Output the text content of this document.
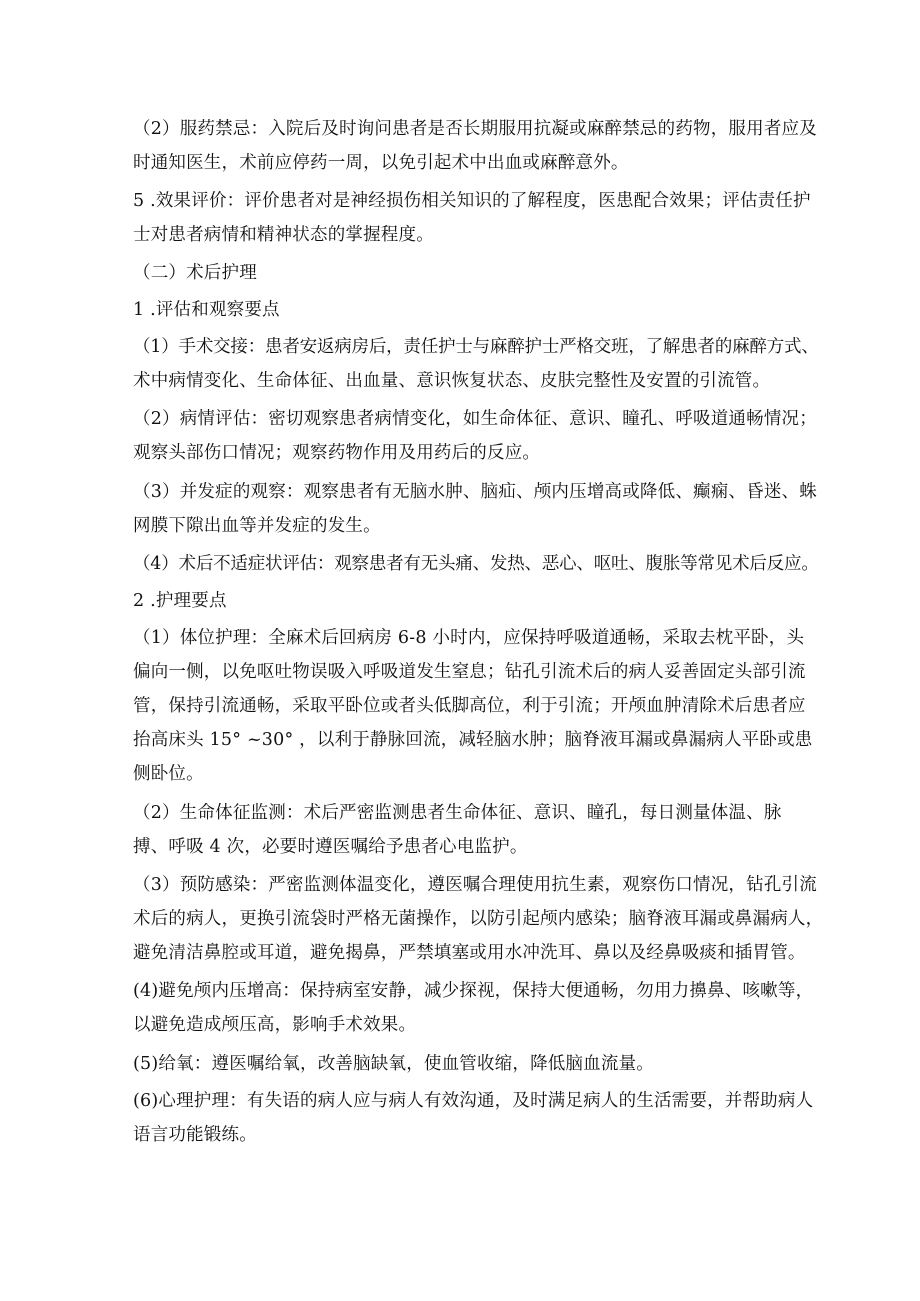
（2）服药禁忌：入院后及时询问患者是否长期服用抗凝或麻醉禁忌的药物，服用者应及
时通知医生，术前应停药一周，以免引起术中出血或麻醉意外。
5 .效果评价：评价患者对是神经损伤相关知识的了解程度，医患配合效果；评估责任护
士对患者病情和精神状态的掌握程度。
（二）术后护理
1 .评估和观察要点
（1）手术交接：患者安返病房后，责任护士与麻醉护士严格交班，了解患者的麻醉方式、
术中病情变化、生命体征、出血量、意识恢复状态、皮肤完整性及安置的引流管。
（2）病情评估：密切观察患者病情变化，如生命体征、意识、瞳孔、呼吸道通畅情况；
观察头部伤口情况；观察药物作用及用药后的反应。
（3）并发症的观察：观察患者有无脑水肿、脑疝、颅内压增高或降低、癫痫、昏迷、蛛
网膜下隙出血等并发症的发生。
（4）术后不适症状评估：观察患者有无头痛、发热、恶心、呕吐、腹胀等常见术后反应。
2 .护理要点
（1）体位护理：全麻术后回病房 6-8 小时内，应保持呼吸道通畅，采取去枕平卧，头
偏向一侧，以免呕吐物误吸入呼吸道发生窒息；钻孔引流术后的病人妥善固定头部引流
管，保持引流通畅，采取平卧位或者头低脚高位，利于引流；开颅血肿清除术后患者应
抬高床头 15° ~30° ，以利于静脉回流，减轻脑水肿；脑脊液耳漏或鼻漏病人平卧或患
侧卧位。
（2）生命体征监测：术后严密监测患者生命体征、意识、瞳孔，每日测量体温、脉
搏、呼吸 4 次，必要时遵医嘱给予患者心电监护。
（3）预防感染：严密监测体温变化，遵医嘱合理使用抗生素，观察伤口情况，钻孔引流
术后的病人，更换引流袋时严格无菌操作，以防引起颅内感染；脑脊液耳漏或鼻漏病人，
避免清洁鼻腔或耳道，避免揭鼻，严禁填塞或用水冲洗耳、鼻以及经鼻吸痰和插胃管。
(4)避免颅内压增高：保持病室安静，减少探视，保持大便通畅，勿用力擤鼻、咳嗽等，
以避免造成颅压高，影响手术效果。
(5)给氧：遵医嘱给氧，改善脑缺氧，使血管收缩，降低脑血流量。
(6)心理护理：有失语的病人应与病人有效沟通，及时满足病人的生活需要，并帮助病人
语言功能锻练。
